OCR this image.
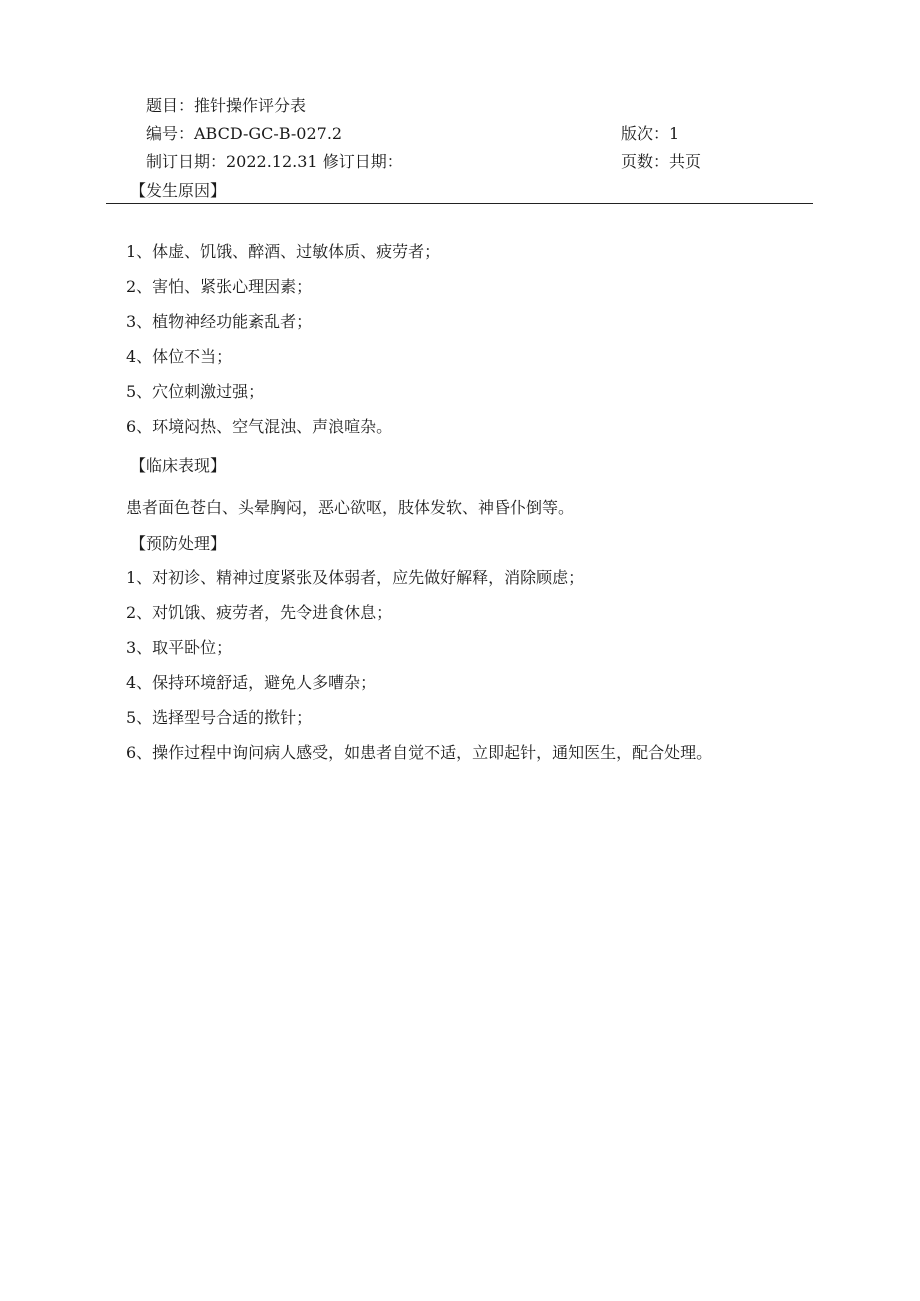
题目：推针操作评分表
编号：ABCD-GC-B-027.2	版次：1
制订日期：2022.12.31 修订日期：	页数：共页
【发生原因】
1、体虚、饥饿、醉酒、过敏体质、疲劳者；
2、害怕、紧张心理因素；
3、植物神经功能紊乱者；
4、体位不当；
5、穴位刺激过强；
6、环境闷热、空气混浊、声浪喧杂。
【临床表现】
患者面色苍白、头晕胸闷，恶心欲呕，肢体发软、神昏仆倒等。
【预防处理】
1、对初诊、精神过度紧张及体弱者，应先做好解释，消除顾虑；
2、对饥饿、疲劳者，先令进食休息；
3、取平卧位；
4、保持环境舒适，避免人多嘈杂；
5、选择型号合适的揿针；
6、操作过程中询问病人感受，如患者自觉不适，立即起针，通知医生，配合处理。
